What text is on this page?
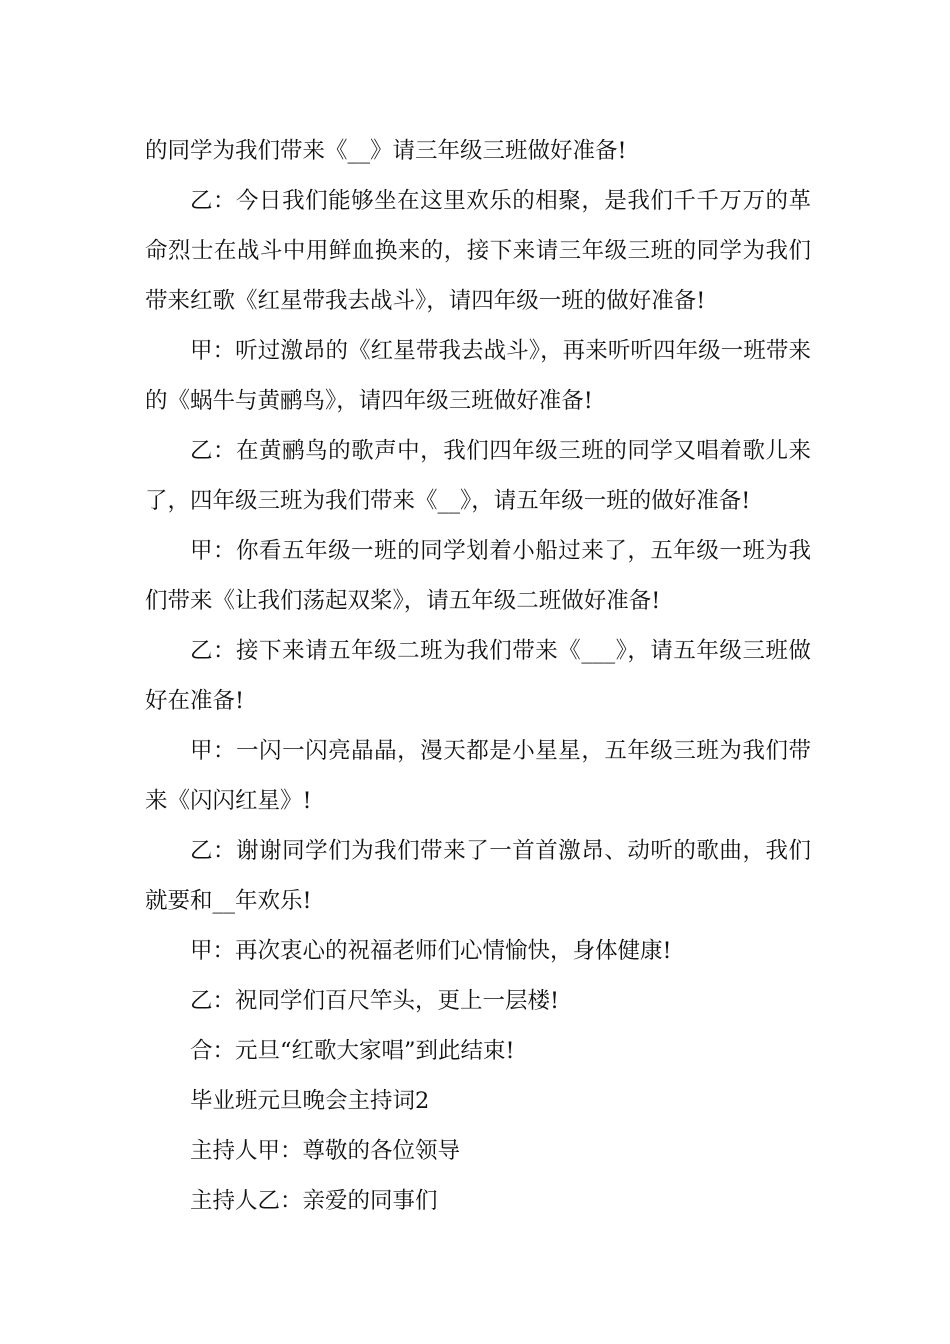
的同学为我们带来《__》请三年级三班做好准备!

乙：今日我们能够坐在这里欢乐的相聚，是我们千千万万的革命烈士在战斗中用鲜血换来的，接下来请三年级三班的同学为我们带来红歌《红星带我去战斗》，请四年级一班的做好准备!

甲：听过激昂的《红星带我去战斗》，再来听听四年级一班带来的《蜗牛与黄鹂鸟》，请四年级三班做好准备!

乙：在黄鹂鸟的歌声中，我们四年级三班的同学又唱着歌儿来了，四年级三班为我们带来《__》，请五年级一班的做好准备!

甲：你看五年级一班的同学划着小船过来了，五年级一班为我们带来《让我们荡起双桨》，请五年级二班做好准备!

乙：接下来请五年级二班为我们带来《___》，请五年级三班做好在准备!

甲：一闪一闪亮晶晶，漫天都是小星星，五年级三班为我们带来《闪闪红星》!

乙：谢谢同学们为我们带来了一首首激昂、动听的歌曲，我们就要和__年欢乐!

甲：再次衷心的祝福老师们心情愉快，身体健康!

乙：祝同学们百尺竿头，更上一层楼!

合：元旦“红歌大家唱”到此结束!

毕业班元旦晚会主持词2

主持人甲：尊敬的各位领导

主持人乙：亲爱的同事们
